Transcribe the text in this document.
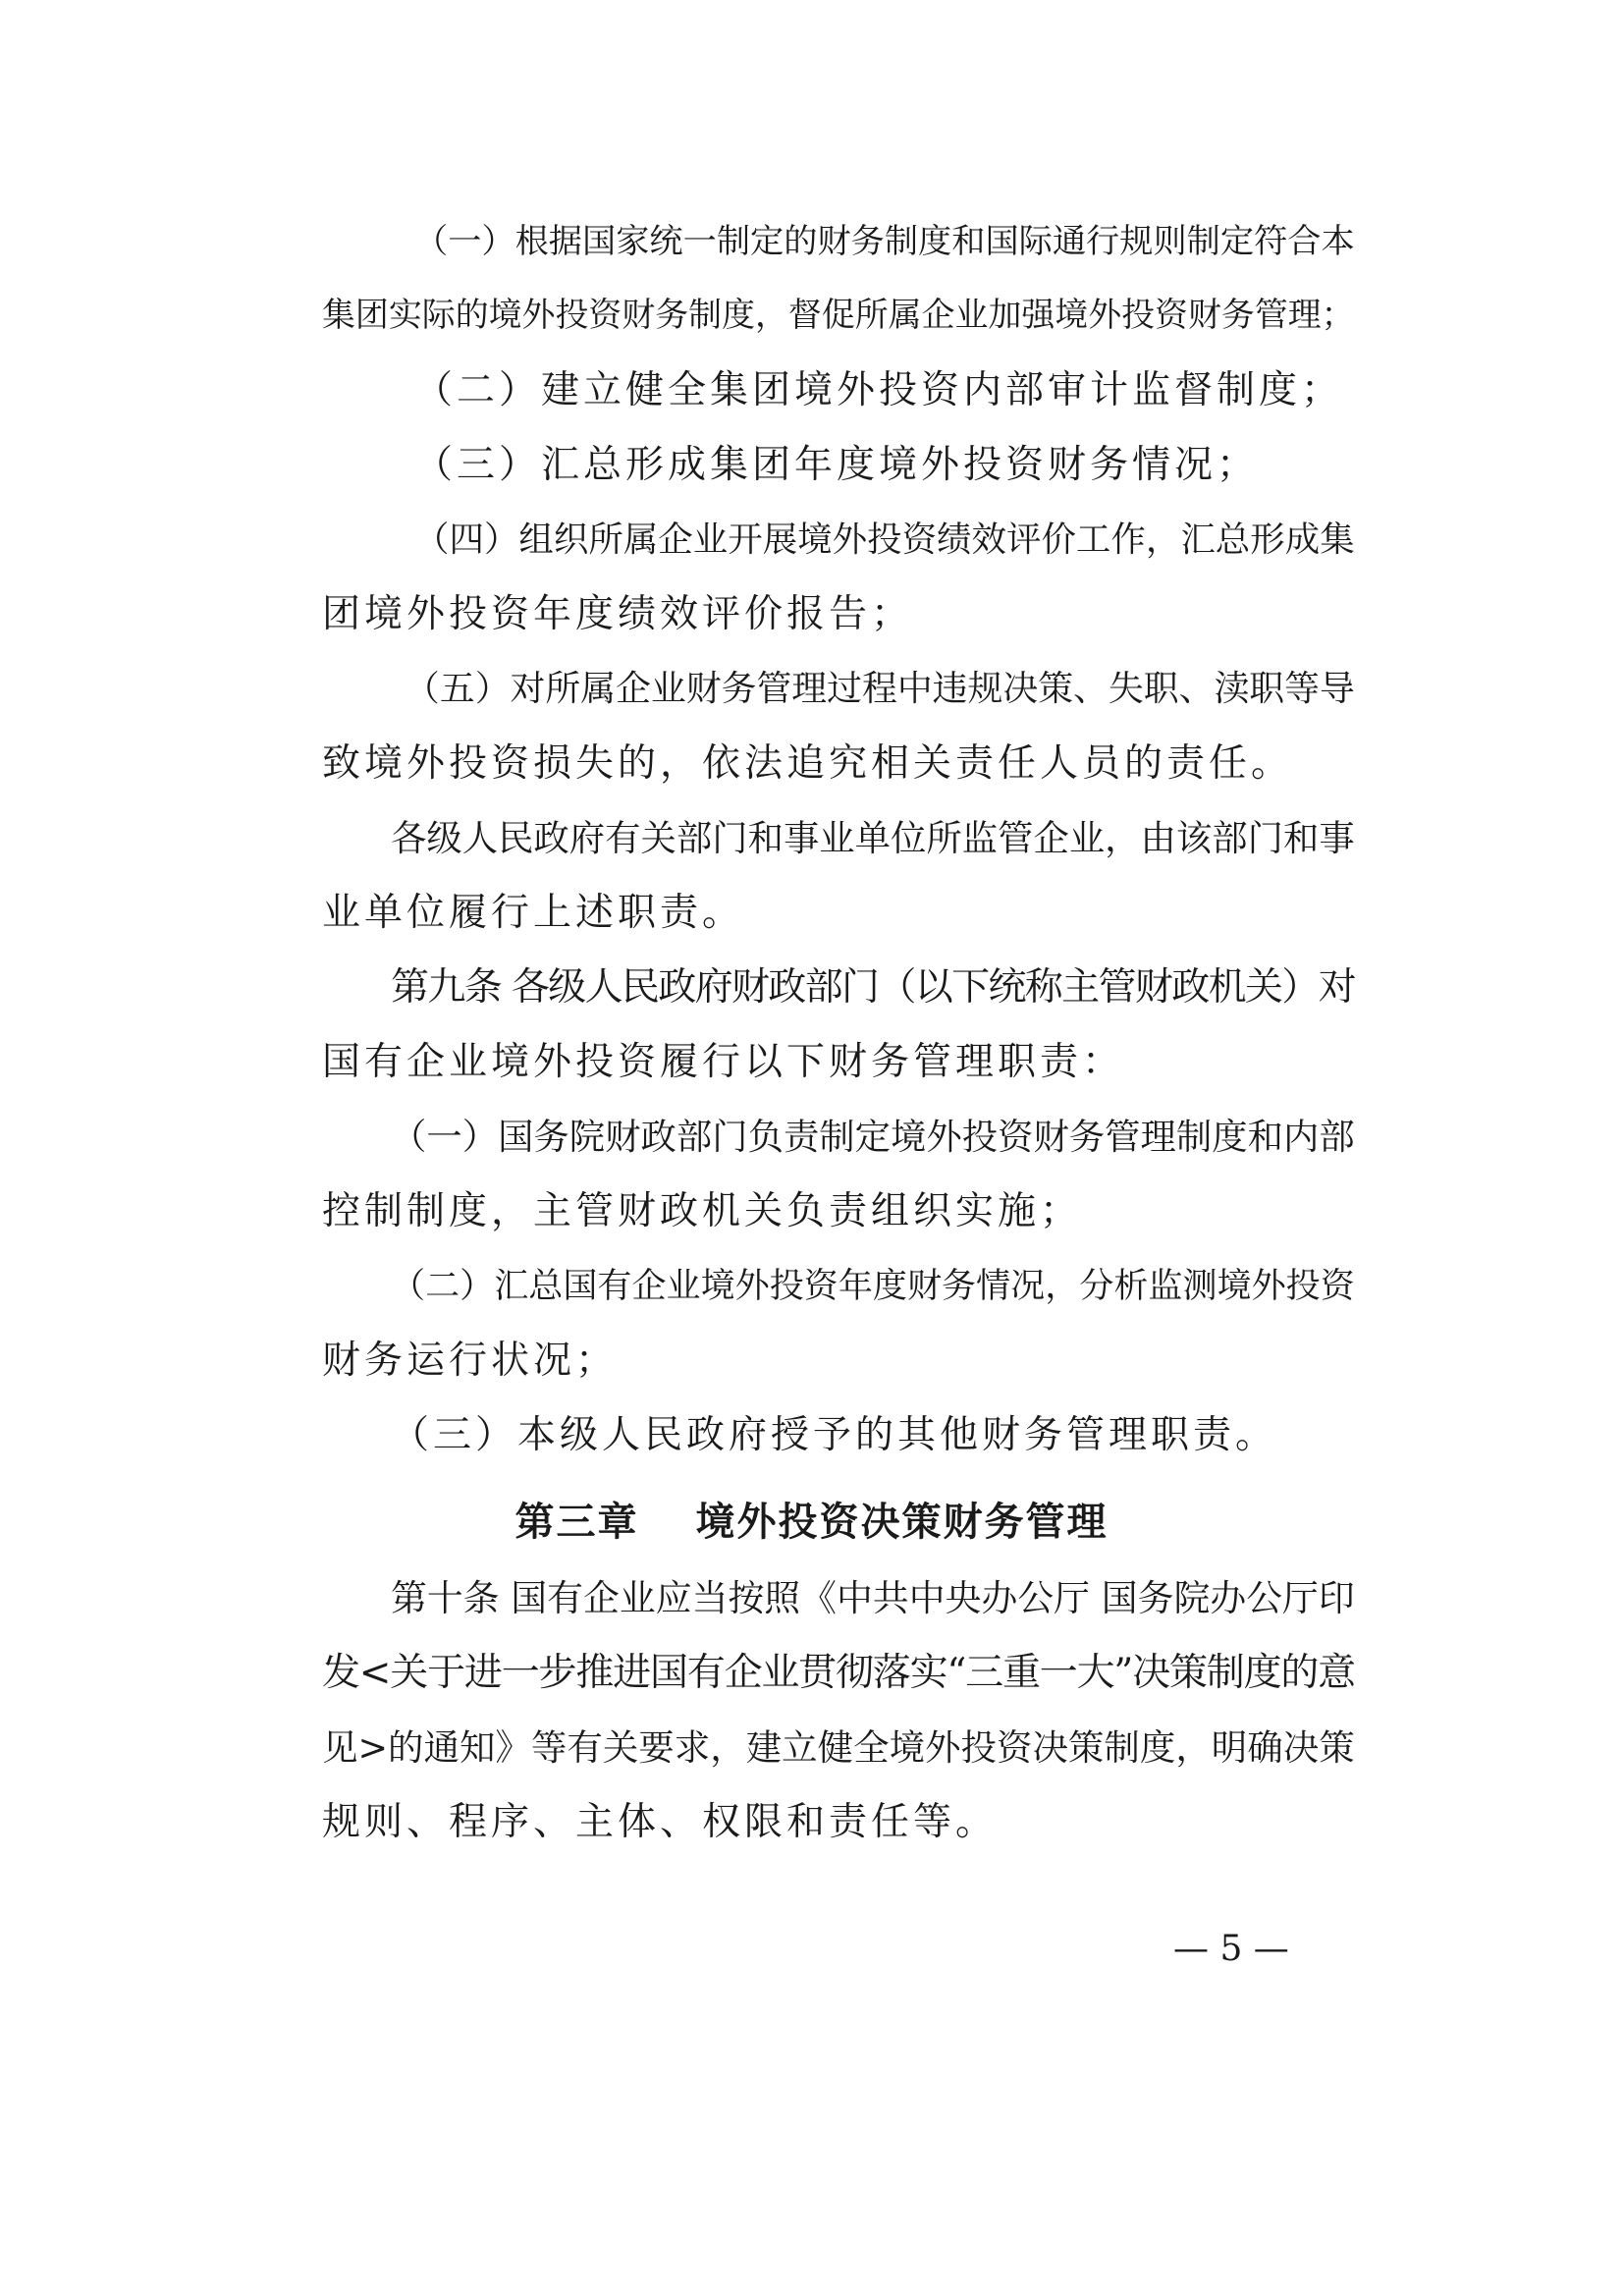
（一）根据国家统一制定的财务制度和国际通行规则制定符合本
集团实际的境外投资财务制度，督促所属企业加强境外投资财务管理；
（二）建立健全集团境外投资内部审计监督制度；
（三）汇总形成集团年度境外投资财务情况；
（四）组织所属企业开展境外投资绩效评价工作，汇总形成集
团境外投资年度绩效评价报告；
（五）对所属企业财务管理过程中违规决策、失职、渎职等导
致境外投资损失的，依法追究相关责任人员的责任。
各级人民政府有关部门和事业单位所监管企业，由该部门和事
业单位履行上述职责。
第九条 各级人民政府财政部门（以下统称主管财政机关）对
国有企业境外投资履行以下财务管理职责：
（一）国务院财政部门负责制定境外投资财务管理制度和内部
控制制度，主管财政机关负责组织实施；
（二）汇总国有企业境外投资年度财务情况，分析监测境外投资
财务运行状况；
（三）本级人民政府授予的其他财务管理职责。
第三章　 境外投资决策财务管理
第十条 国有企业应当按照《中共中央办公厅 国务院办公厅印
发<关于进一步推进国有企业贯彻落实“三重一大”决策制度的意
见>的通知》等有关要求，建立健全境外投资决策制度，明确决策
规则、程序、主体、权限和责任等。
— 5 —
